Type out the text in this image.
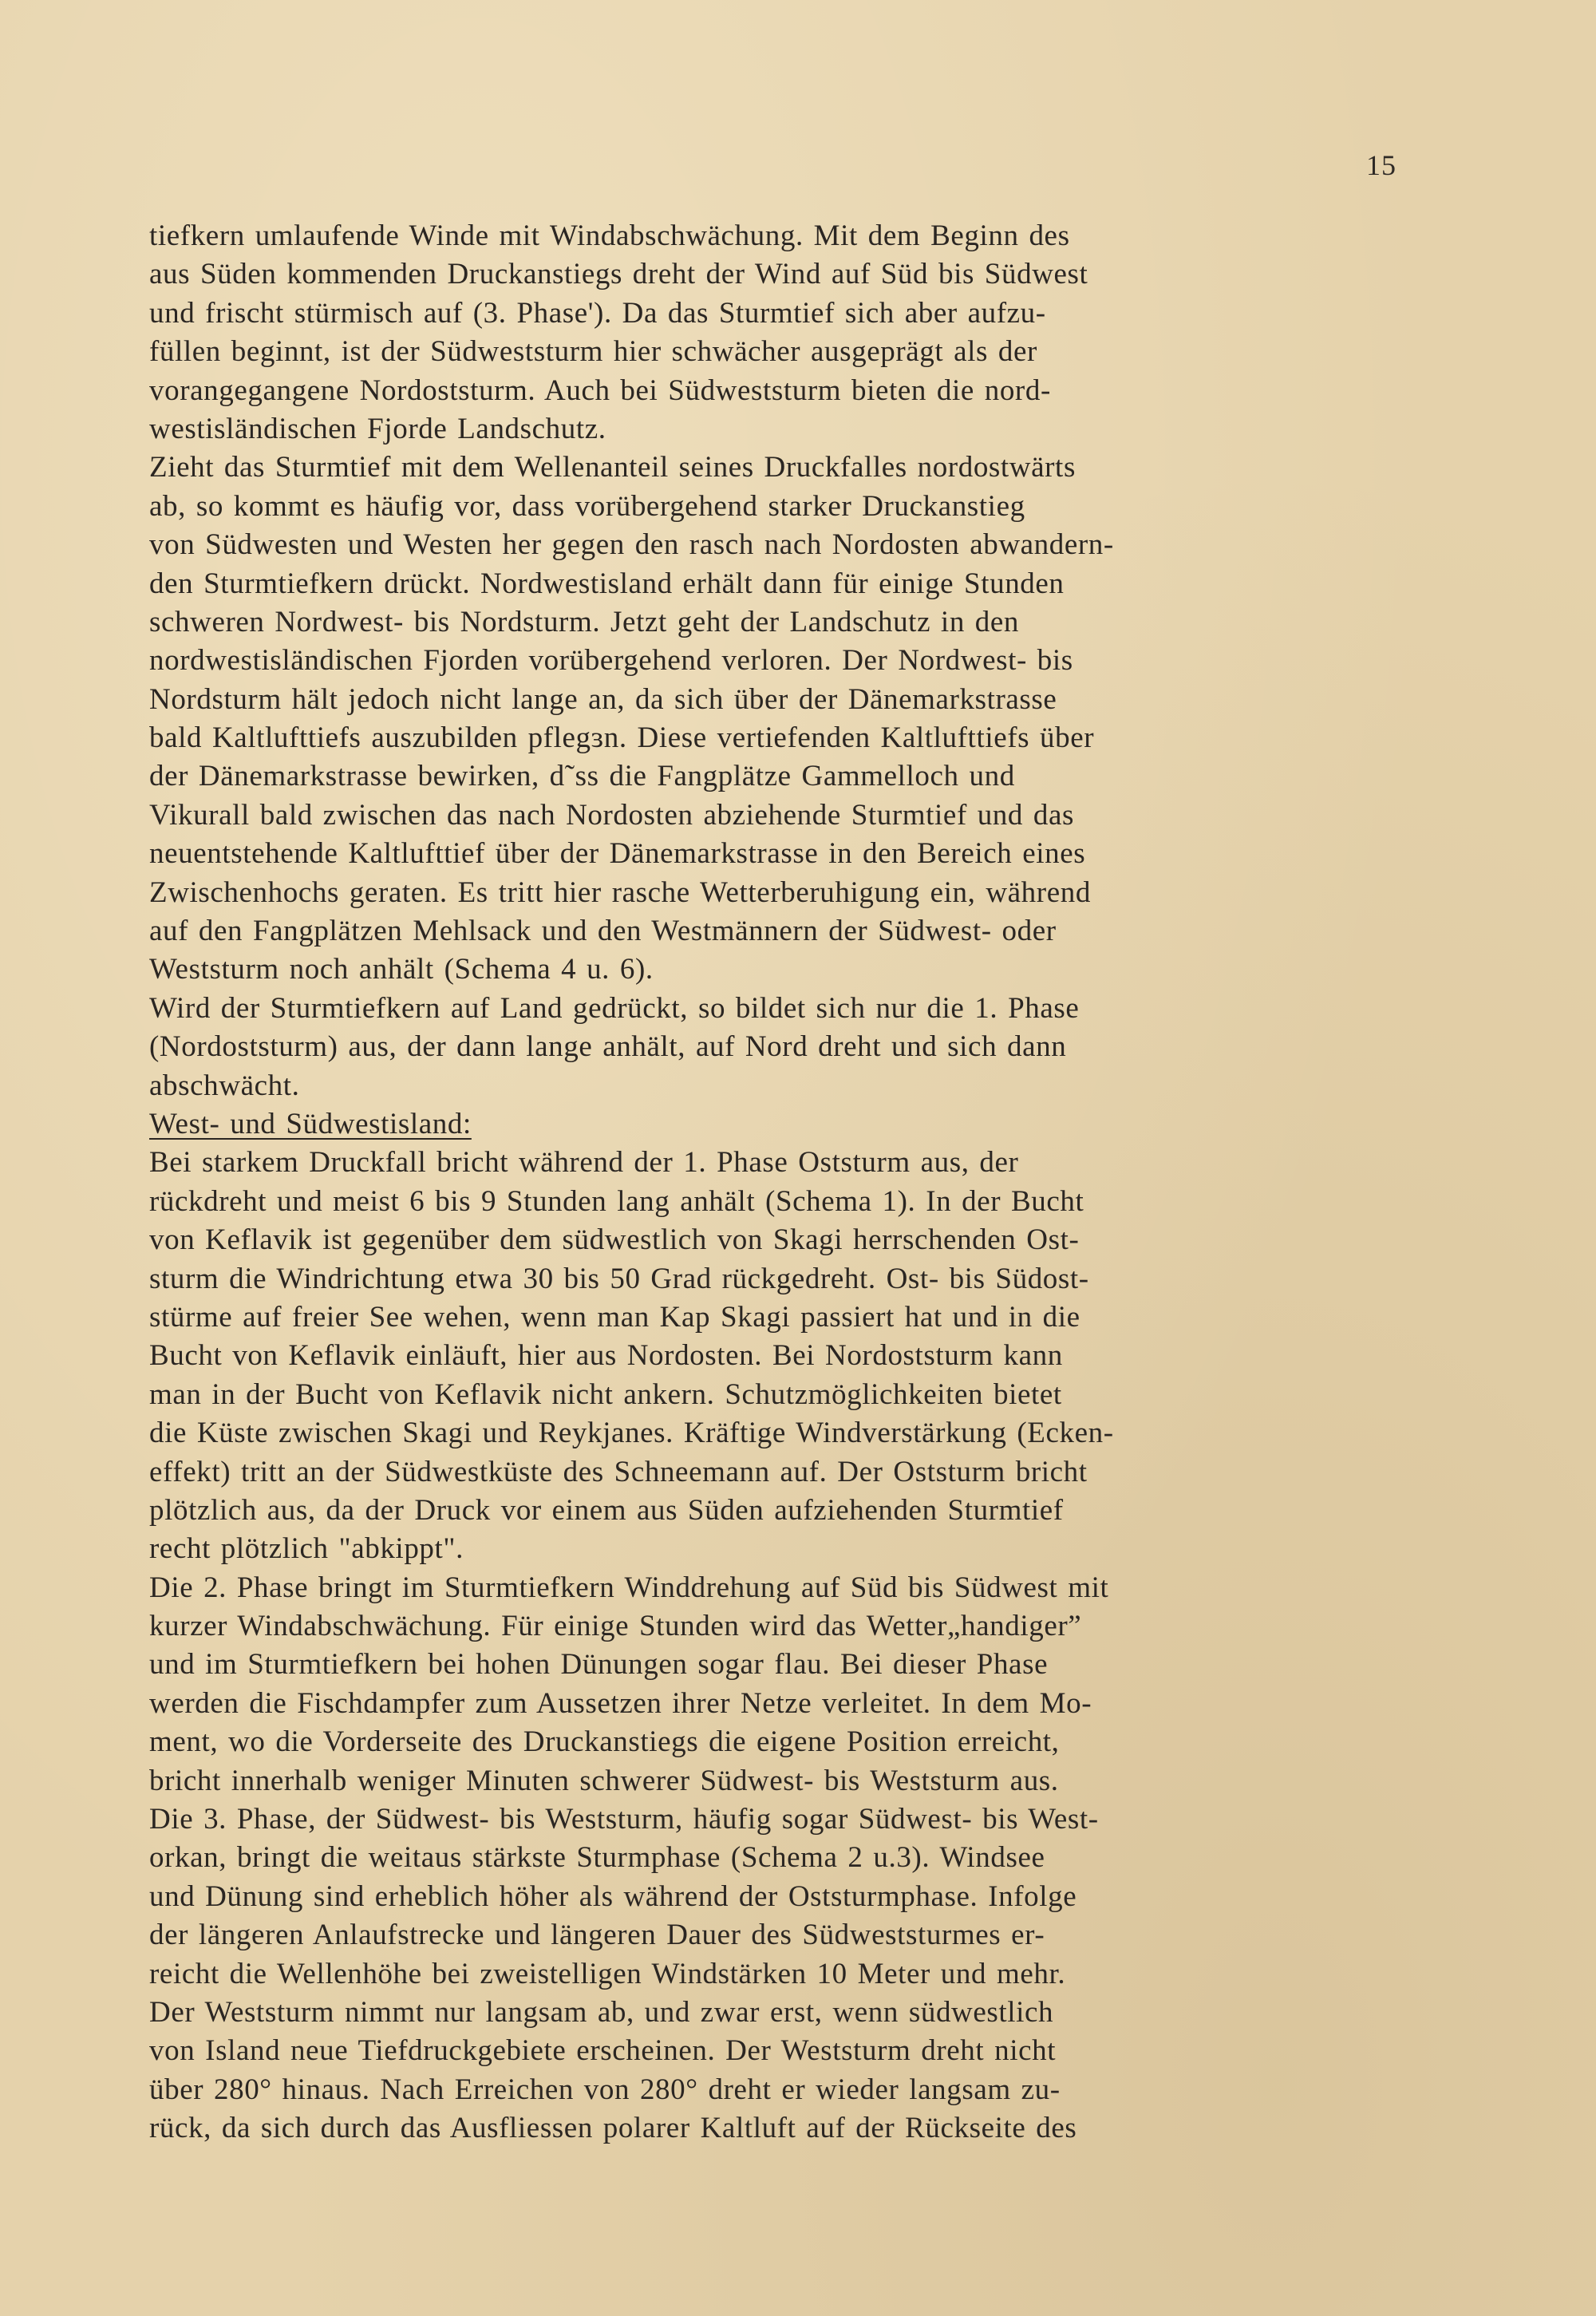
15
tiefkern umlaufende Winde mit Windabschwächung. Mit dem Beginn des
aus Süden kommenden Druckanstiegs dreht der Wind auf Süd bis Südwest
und frischt stürmisch auf (3. Phase'). Da das Sturmtief sich aber aufzu-
füllen beginnt, ist der Südweststurm hier schwächer ausgeprägt als der
vorangegangene Nordoststurm. Auch bei Südweststurm bieten die nord-
westisländischen Fjorde Landschutz.
Zieht das Sturmtief mit dem Wellenanteil seines Druckfalles nordostwärts
ab, so kommt es häufig vor, dass vorübergehend starker Druckanstieg
von Südwesten und Westen her gegen den rasch nach Nordosten abwandern-
den Sturmtiefkern drückt. Nordwestisland erhält dann für einige Stunden
schweren Nordwest- bis Nordsturm. Jetzt geht der Landschutz in den
nordwestisländischen Fjorden vorübergehend verloren. Der Nordwest- bis
Nordsturm hält jedoch nicht lange an, da sich über der Dänemarkstrasse
bald Kaltlufttiefs auszubilden pflegɜn. Diese vertiefenden Kaltlufttiefs über
der Dänemarkstrasse bewirken, d˜ss die Fangplätze Gammelloch und
Vikurall bald zwischen das nach Nordosten abziehende Sturmtief und das
neuentstehende Kaltlufttief über der Dänemarkstrasse in den Bereich eines
Zwischenhochs geraten. Es tritt hier rasche Wetterberuhigung ein, während
auf den Fangplätzen Mehlsack und den Westmännern der Südwest- oder
Weststurm noch anhält (Schema 4 u. 6).
Wird der Sturmtiefkern auf Land gedrückt, so bildet sich nur die 1. Phase
(Nordoststurm) aus, der dann lange anhält, auf Nord dreht und sich dann
abschwächt.
West- und Südwestisland:
Bei starkem Druckfall bricht während der 1. Phase Oststurm aus, der
rückdreht und meist 6 bis 9 Stunden lang anhält (Schema 1). In der Bucht
von Keflavik ist gegenüber dem südwestlich von Skagi herrschenden Ost-
sturm die Windrichtung etwa 30 bis 50 Grad rückgedreht. Ost- bis Südost-
stürme auf freier See wehen, wenn man Kap Skagi passiert hat und in die
Bucht von Keflavik einläuft, hier aus Nordosten. Bei Nordoststurm kann
man in der Bucht von Keflavik nicht ankern. Schutzmöglichkeiten bietet
die Küste zwischen Skagi und Reykjanes. Kräftige Windverstärkung (Ecken-
effekt) tritt an der Südwestküste des Schneemann auf. Der Oststurm bricht
plötzlich aus, da der Druck vor einem aus Süden aufziehenden Sturmtief
recht plötzlich "abkippt".
Die 2. Phase bringt im Sturmtiefkern Winddrehung auf Süd bis Südwest mit
kurzer Windabschwächung. Für einige Stunden wird das Wetter„handiger”
und im Sturmtiefkern bei hohen Dünungen sogar flau. Bei dieser Phase
werden die Fischdampfer zum Aussetzen ihrer Netze verleitet. In dem Mo-
ment, wo die Vorderseite des Druckanstiegs die eigene Position erreicht,
bricht innerhalb weniger Minuten schwerer Südwest- bis Weststurm aus.
Die 3. Phase, der Südwest- bis Weststurm, häufig sogar Südwest- bis West-
orkan, bringt die weitaus stärkste Sturmphase (Schema 2 u.3). Windsee
und Dünung sind erheblich höher als während der Oststurmphase. Infolge
der längeren Anlaufstrecke und längeren Dauer des Südweststurmes er-
reicht die Wellenhöhe bei zweistelligen Windstärken 10 Meter und mehr.
Der Weststurm nimmt nur langsam ab, und zwar erst, wenn südwestlich
von Island neue Tiefdruckgebiete erscheinen. Der Weststurm dreht nicht
über 280° hinaus. Nach Erreichen von 280° dreht er wieder langsam zu-
rück, da sich durch das Ausfliessen polarer Kaltluft auf der Rückseite des
